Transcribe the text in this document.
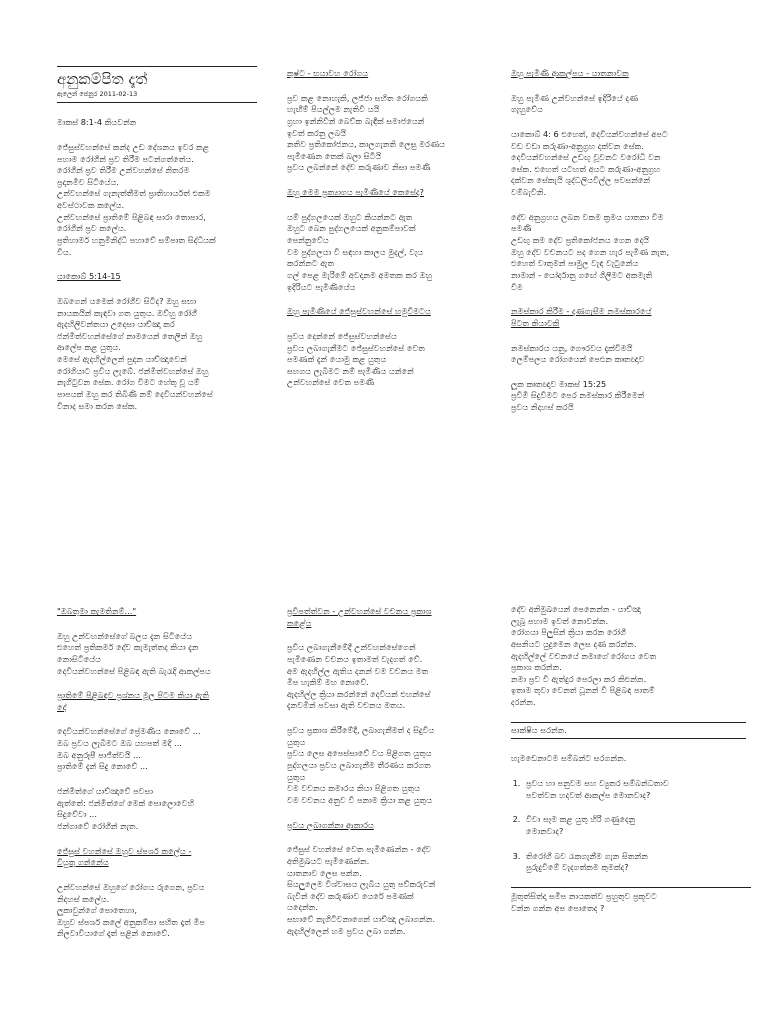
අනුකම්පිත දෑත්
ඇලෙන් ජෙනුර 2011-02-13

මාකස් 8:1-4 කියවන්න

ජේසුස්වහන්සේ කන්ද උඩ දේශනය ඉවර කළ
පහාම රෝගීන් ප්‍රව තිරීම පටන්ගත්තේය.
රෝගීන් ප්‍රව තිරීම උන්වහන්සේ නිතරම
ප්‍රදානමීව සිටියේය.
උන්වහන්සේ ගැනැත්තීමත් ප්‍රාතිහාර්යත් එකම
අවස්ථාවක කලේය.
උන්වහන්සේ ප්‍රාතිමේ පිළිබඳ සාරා තොපාර,
රෝගීන් ප්‍රව කලේය.
ප්‍රතිහාර්ම හනුමිනිද්ධි පහාවේ සම්පාත සිද්ධියක්
වීය.

යාකොබ් 5:14-15

ඔබගෙන් යමෙක් රෝගීව සිටිද? ඔහු සභා
නායකයින් කැඳවා ගත යුතුය. ඔව්හු රෝගී
ඇදහිලිවන්තයා උදෙසා යාච්ඤා කර
ජන්මිත්වහන්සේගේ නාමයෙන් තෙලින් ඔහු
ආලේප කළ යුතුය.
මෙසේ ඇදහිල්ලෙන් පුදන යාච්ඤාවෙන්
රෝගියාට ප්‍රවිය ලැබේ. ජන්මිත්වහන්සේ ඔහු
නැගිටුවන සේක. රෝග වීමට හේතු වූ යම්
පාපයක් ඔහු කර තිබිණි නම් දෙවියන්වහන්සේ
විනාද සමා කරන සේක.

කුෂ්ට - භයාවහ රෝගය

ප්‍රව කළ නොහැකි, ලජ්ජා සහිත රෝගයකි
හැඟීම් පියල්ලම නැතිවී යයි
ග්‍රහා ඉන්නිවීන් බෙව්ක බැඳීක් සමාජයෙන්
ඉවත් කරනු ලබයි
නතිව ප්‍රතිකෝජනය, කාලගැනති ලෙසු මරණය
පැමිණෙන තෙක් බලා සිටියි
ප්‍රවය ලබන්නේ දේව කරුණාව නිසා පමණි

ඔහු මෙම ප්‍රත්‍යාගය පැමිණියේ කෙසේද?

යම් පුද්ගලයෙක් ඔහුට කියන්නට ඇත
ඔහුට බෙන පුද්ගලයෙක් අනුකම්පාවක්
පෙන්නුවේය
වම පුද්ගලයා වී සඳහා කාලය මුදල්, වැය
කරන්නට ඇත
ගල් පෙළ මැරිමේ අවදානම අමතක කර ඔහු
ඉදිරියට පැමිණියේය

ඔහු පැමිණියේ ජේසුස්වහන්සේ හමුවීමටය

ප්‍රවය දෙන්නේ ජේසුස්වහන්සේය
ප්‍රවය ලබාගැනීමට ජේසුස්වහන්සේ වෙත
පමණක් දැන් යොමු කළ යුතුය
සහගය ලැබීමට නම් පැමිණිය යන්නේ
උන්වහන්සේ වෙත පමණි

ඔහු පැමිණි ආකල්පය - යාතනාවක

ඔහු පැමිණ උන්වහන්සේ ඉදිරියේ දණ
ගැහුවේය

යාකොබ් 4: 6 එහෙත්, දෙවියන්වහන්සේ අපට
වඩ වඩා කරුණා-අනුග්‍රහ දක්වන සේක.
දෙවියන්වහන්සේ උඩඟු වූවනට වරෝධී වන
සේක. එහෙත් යටහත් අයට කරුණා-අනුග්‍රහ
දක්වන සේකැයි ශුද්ධලියවිල්ල පවසන්නේ
වම්බැවිනි.

දේව අනුග්‍රහය ලබන වකම ක්‍රමය යාතනා වීම
පමණි
උඩඟු කම දේව ප්‍රතිකෝජනය ගෙන දෙයි
ඔහු දේව වචනයට පද ගෙන හැර පැමිණ නැත,
එහෙත් වාතුමන් පාමුල වැඳ වැටුනේය
නාමාන් - යෝර්දානු ගඟේ ගිලීමට අකමැති
වීම

නමස්කාර කිරීම - දණගැසීම නමස්කාරයේ
පිටත කියාවකි

නමස්කාරය යනු, ගෞරවය දැක්වීමයි
ලෙම්පලය රෝගයෙන් පෙළුන කෘතඥාව

ලූක කෘතඥාව මාකස් 15:25
ප්‍රවිමී සිදුවීමට පෙර නමස්කාර කිරීමෙන්
ප්‍රවය නිදහස් කරයි

"ඔබතුමා කැමතිනම්..."

ඔහු උන්වහන්සේගේ බලය දැන සිටියේය
එහෙත් ප්‍රතිකර්ම දේව කැමැත්තද කියා දැන
නොසිටියේය
දෙවියන්වහන්සේ පිළිබඳ ඇති බැරැදි ආකල්පය

ප්‍රාතිමේ පිළිබඳව ප්‍රශ්නය මූල පිටම කියා ඇති
දේ

දෙවියන්වහන්සේගේ ප්‍රේමණිය නොවේ ...
ඔබ ප්‍රවය ලැබීමට ඔබ යහපත් මදි ...
ඔබ අනුරූපී පාජිත්වයි ...
ප්‍රාතිමේ දැන් සිදු නොවේ ...

ජන්මිත්ගේ යාච්ඤාවේ පවසා
ඇත්තේ: ජන්මිත්ගේ මෙක් පොලොවෙහි
සිදුවේවා ...
ජන්ගාවේ රෝගීන් නැත.

ජේසුස් වහන්සේ ඔහුව ස්පර්ශ කලේය -
වියුතු ගන්නේය

උන්වහන්සේ ඔහුගේ රෝගය රුගෙන, ප්‍රවය
නිදහස් කලේය.
ලූකාවුන්ගේ පොතෙහා,
ඔහුව ස්පර්ශ කලේ අනුකම්පා සහිත දෑත් මීප
නිලවාවියාගේ දෑත් පළින් නොවේ.

ප්‍රවිපත්ත්වන - උන්වහන්සේ වචනය ප්‍රකාශ
කළේය

ප්‍රවිය ලබාගැනීමේදී උන්වහන්සේගෙන්
පැමිණෙන වචනය ඉතාමත් වැදගත් වේ.
අම ඇදහිල්ල ඇතිය දනන් වම වචනය මත
මීප හැකිම් මහ නොවේ.
ඇදහිල්ල ක්‍රියා කරන්නේ දෙවියන් එහන්සේ
දැනවමින් පවසා ඇති වචනය මතය.

ප්‍රවය ප්‍රකාශ කිරීමේදී, ලබාගැනීමත් ද සිදුවිය
යුතුය
ප්‍රවය ලෙස අපෙස්සාවේ වය පිළිගත යුතුය
පුද්ගලයා ප්‍රවය ලබාගැනීම තීරණය කරගත
යුතුය
වම වචනය කමාරය කියා පිළිගත යුතුය
වම වචනය අනුව වී පනාම ක්‍රියා කළ යුතුය

ප්‍රවය ලබාගන්නා ආකාරය

ජේසුස් වහන්සේ වෙත පැමිණෙන්න - දේව
අතිමුඛයට පැමිණෙන්න.
යාතනාව ලෙස පන්න.
සියලුලෙම විශ්වාසය ලැබිය යුතු පව්කරුවන්
බැවින් දේව කරුණාව යෙරේ පමණක්
යදෙන්න.
සභාවේ නැගිටිවනාගෙන් යාච්ඤා ලබාගන්න.
ඇදහිල්ලෙන් හම ප්‍රවය ලබා ගන්න.

දේව අනිමුඛයෙන් පෙනෙන්න - යාච්ඤා
ලැබූ පහාම ඉවත් නොවන්න.
රෝගයා පිලුසින් ක්‍රියා කරන රෝගී
අසනියට යුදුමෙන ලෙස දණ කරන්න.
ඇදහිල්ලේ වචනයේ නමාගේ රෝගය වෙත
ප්‍රකාශ කරන්න.
නමා ප්‍රව වී ඇත්දුර පෙරලා කර කිළුන්න.
ඉතාම තුවා වෙනත් ධූනන් වී පිළිබඳ පාතම්
දරන්න.

සාක්ෂිය සරන්න.

හැමඩෙනාටම සම්බන්ට සරගන්න.

1. ප්‍රවය හා පනුවම සහ ව්‍යුතර සම්බන්ධතාව
පවත්වන හදවත් ආකල්ප මොනවාද?
2. වීවා සෑම කළ යුතු හිරි ගණුදෙනු
මොනවාද?
3. තිරෝගී බව රැකගැනීම ගැන සිතන්න
පුරුදුවීමේ වැදගත්කම කුමක්ද?
මූතුත්සිත්දා සමීප නායකත්ව ප්‍රහුතුව ප්‍රකූවට
වන්න ගන්න අප පොතෙද ?
